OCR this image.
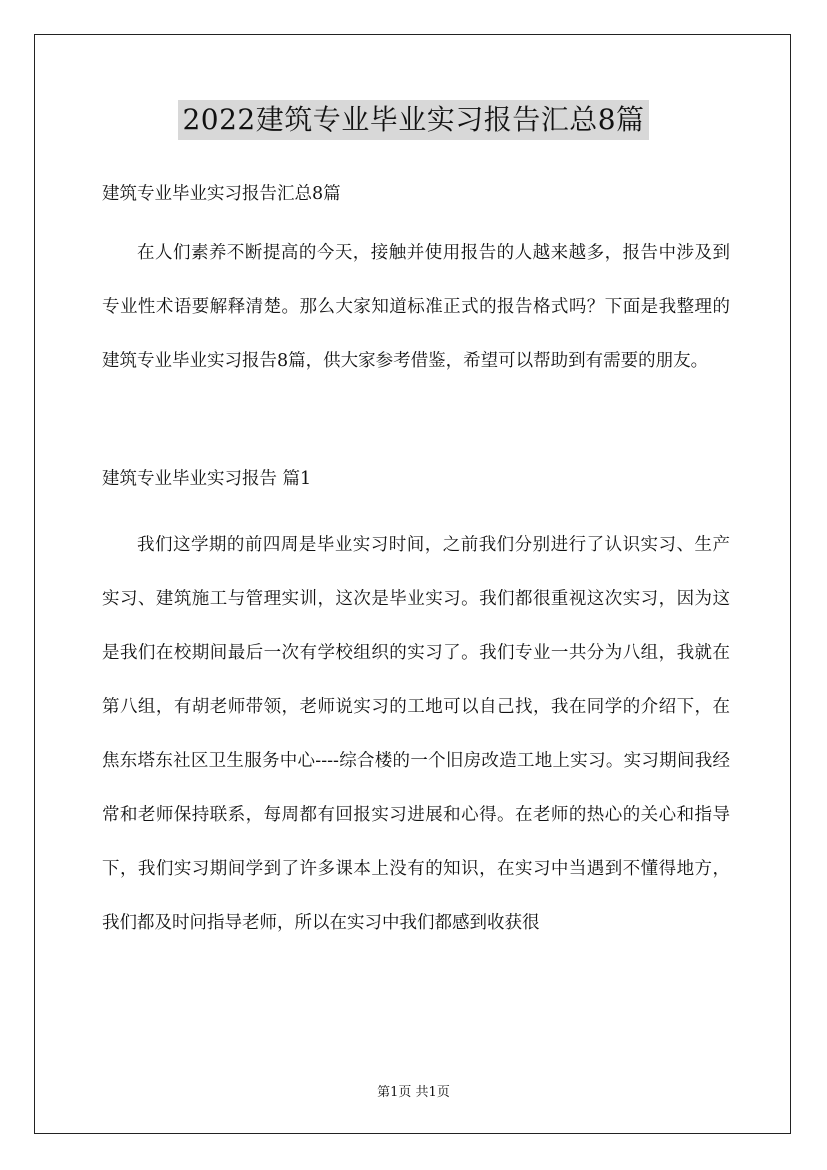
2022建筑专业毕业实习报告汇总8篇

建筑专业毕业实习报告汇总8篇

在人们素养不断提高的今天，接触并使用报告的人越来越多，报告中涉及到专业性术语要解释清楚。那么大家知道标准正式的报告格式吗？下面是我整理的建筑专业毕业实习报告8篇，供大家参考借鉴，希望可以帮助到有需要的朋友。

建筑专业毕业实习报告 篇1

我们这学期的前四周是毕业实习时间，之前我们分别进行了认识实习、生产实习、建筑施工与管理实训，这次是毕业实习。我们都很重视这次实习，因为这是我们在校期间最后一次有学校组织的实习了。我们专业一共分为八组，我就在第八组，有胡老师带领，老师说实习的工地可以自己找，我在同学的介绍下，在焦东塔东社区卫生服务中心----综合楼的一个旧房改造工地上实习。实习期间我经常和老师保持联系，每周都有回报实习进展和心得。在老师的热心的关心和指导下，我们实习期间学到了许多课本上没有的知识，在实习中当遇到不懂得地方，我们都及时问指导老师，所以在实习中我们都感到收获很

第1页 共1页
